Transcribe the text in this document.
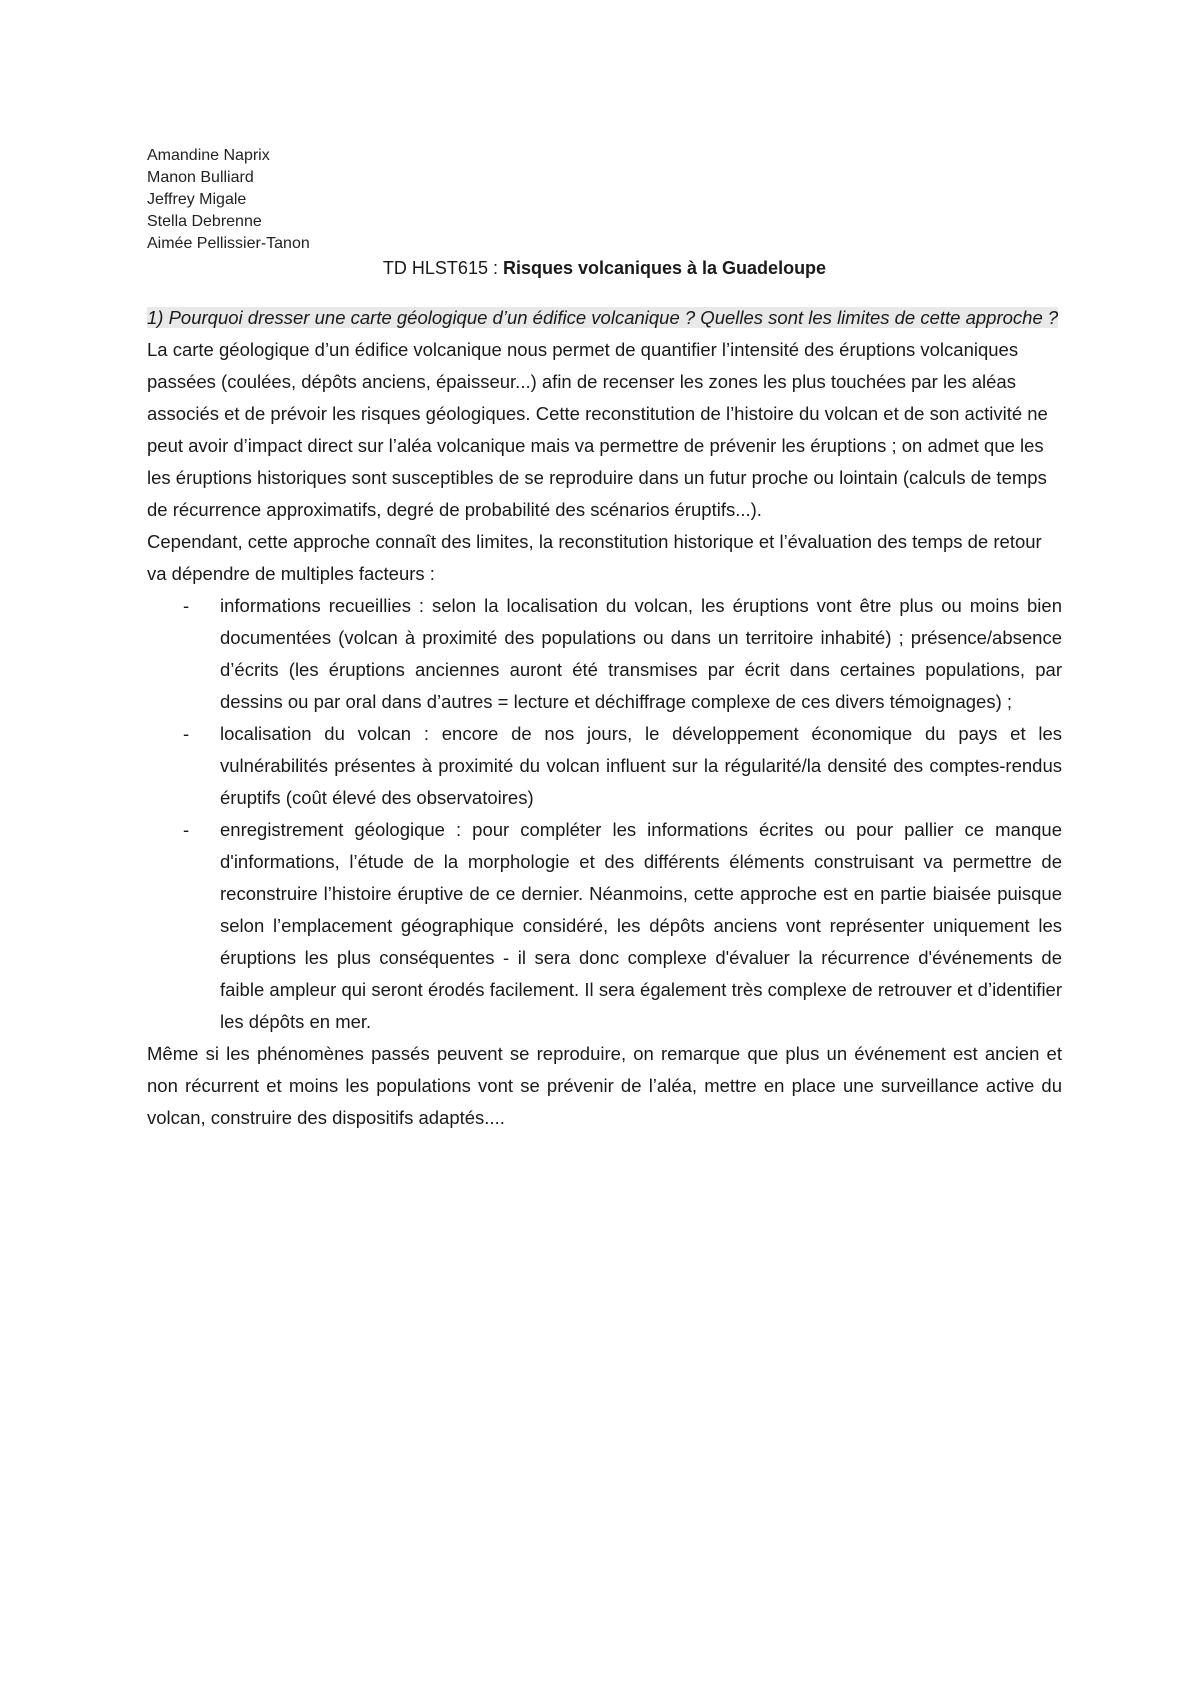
Amandine Naprix
Manon Bulliard
Jeffrey Migale
Stella Debrenne
Aimée Pellissier-Tanon
TD HLST615 : Risques volcaniques à la Guadeloupe

1) Pourquoi dresser une carte géologique d’un édifice volcanique ? Quelles sont les limites de cette approche ?

La carte géologique d’un édifice volcanique nous permet de quantifier l’intensité des éruptions volcaniques passées (coulées, dépôts anciens, épaisseur...) afin de recenser les zones les plus touchées par les aléas associés et de prévoir les risques géologiques. Cette reconstitution de l’histoire du volcan et de son activité ne peut avoir d’impact direct sur l’aléa volcanique mais va permettre de prévenir les éruptions ; on admet que les les éruptions historiques sont susceptibles de se reproduire dans un futur proche ou lointain (calculs de temps de récurrence approximatifs, degré de probabilité des scénarios éruptifs...).

Cependant, cette approche connaît des limites, la reconstitution historique et l’évaluation des temps de retour va dépendre de multiples facteurs :

- informations recueillies : selon la localisation du volcan, les éruptions vont être plus ou moins bien documentées (volcan à proximité des populations ou dans un territoire inhabité) ; présence/absence d’écrits (les éruptions anciennes auront été transmises par écrit dans certaines populations, par dessins ou par oral dans d’autres = lecture et déchiffrage complexe de ces divers témoignages) ;
- localisation du volcan : encore de nos jours, le développement économique du pays et les vulnérabilités présentes à proximité du volcan influent sur la régularité/la densité des comptes-rendus éruptifs (coût élevé des observatoires)
- enregistrement géologique : pour compléter les informations écrites ou pour pallier ce manque d'informations, l’étude de la morphologie et des différents éléments construisant va permettre de reconstruire l’histoire éruptive de ce dernier. Néanmoins, cette approche est en partie biaisée puisque selon l’emplacement géographique considéré, les dépôts anciens vont représenter uniquement les éruptions les plus conséquentes - il sera donc complexe d'évaluer la récurrence d'événements de faible ampleur qui seront érodés facilement. Il sera également très complexe de retrouver et d’identifier les dépôts en mer.

Même si les phénomènes passés peuvent se reproduire, on remarque que plus un événement est ancien et non récurrent et moins les populations vont se prévenir de l’aléa, mettre en place une surveillance active du volcan, construire des dispositifs adaptés....
